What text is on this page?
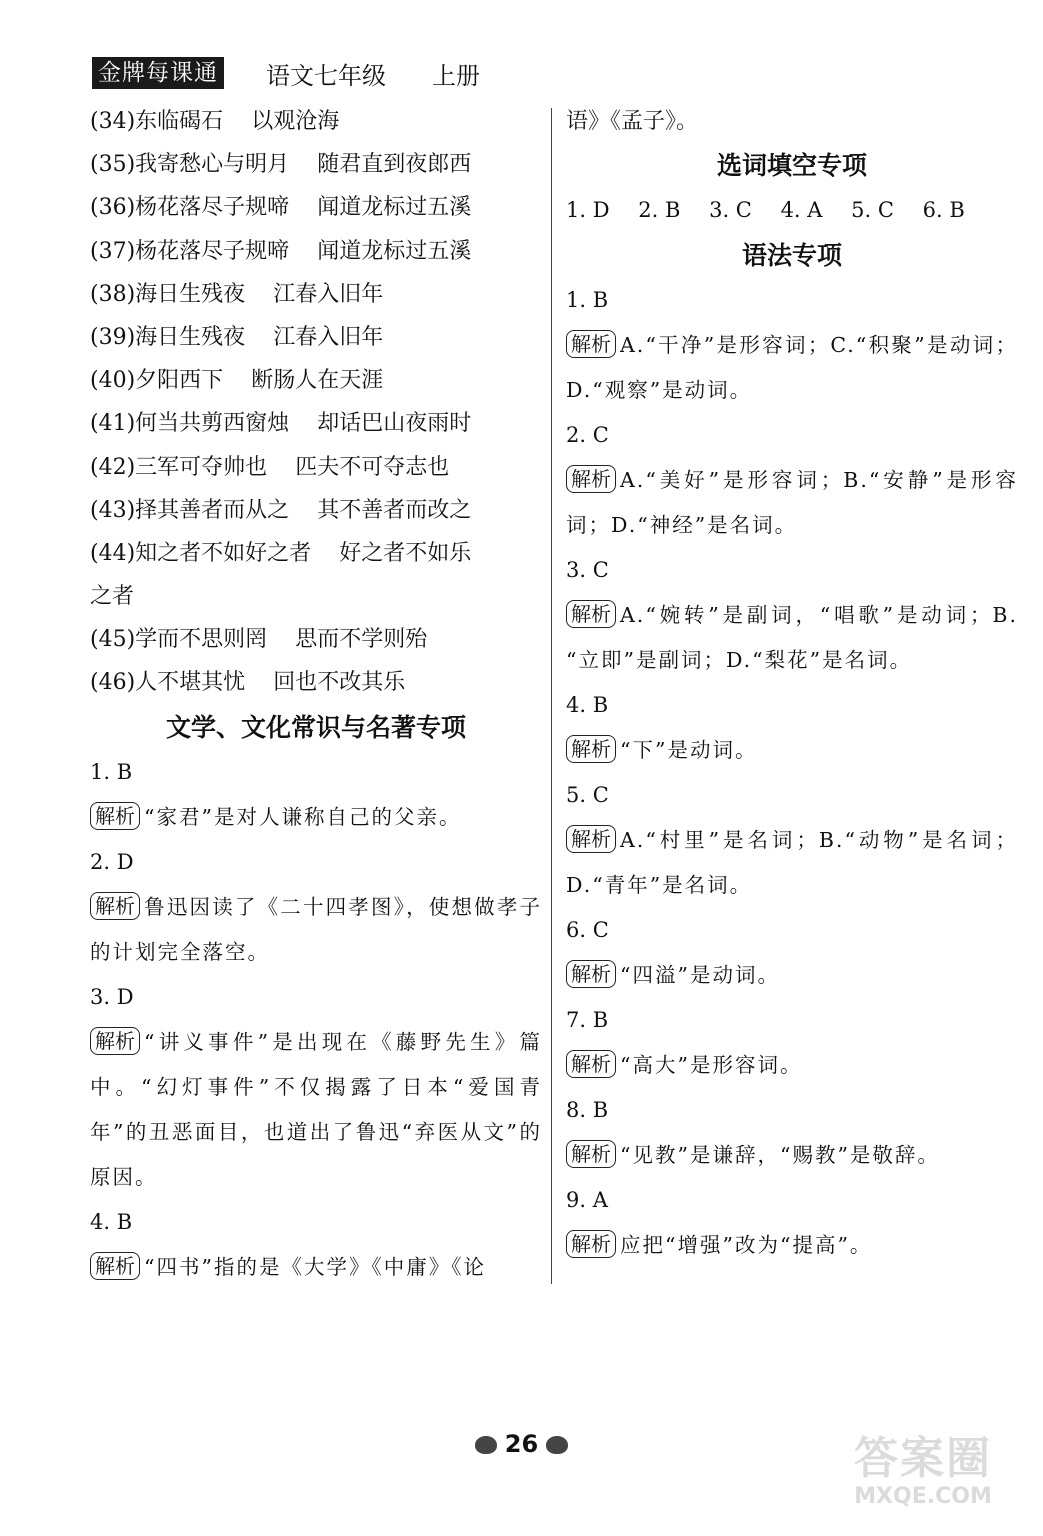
金牌每课通 语文七年级 上册
(34)东临碣石 以观沧海
(35)我寄愁心与明月 随君直到夜郎西
(36)杨花落尽子规啼 闻道龙标过五溪
(37)杨花落尽子规啼 闻道龙标过五溪
(38)海日生残夜 江春入旧年
(39)海日生残夜 江春入旧年
(40)夕阳西下 断肠人在天涯
(41)何当共剪西窗烛 却话巴山夜雨时
(42)三军可夺帅也 匹夫不可夺志也
(43)择其善者而从之 其不善者而改之
(44)知之者不如好之者 好之者不如乐
之者
(45)学而不思则罔 思而不学则殆
(46)人不堪其忧 回也不改其乐
文学、文化常识与名著专项
1. B
解析 “家君”是对人谦称自己的父亲。
2. D
解析 鲁迅因读了《二十四孝图》，使想做孝子的计划完全落空。
3. D
解析 “讲义事件”是出现在《藤野先生》篇中。“幻灯事件”不仅揭露了日本“爱国青年”的丑恶面目，也道出了鲁迅“弃医从文”的原因。
4. B
解析 “四书”指的是《大学》《中庸》《论
语》《孟子》。
选词填空专项
1. D 2. B 3. C 4. A 5. C 6. B
语法专项
1. B
解析 A.“干净”是形容词；C.“积聚”是动词；D.“观察”是动词。
2. C
解析 A.“美好”是形容词；B.“安静”是形容词；D.“神经”是名词。
3. C
解析 A.“婉转”是副词，“唱歌”是动词；B. “立即”是副词；D.“梨花”是名词。
4. B
解析 “下”是动词。
5. C
解析 A.“村里”是名词；B.“动物”是名词；D.“青年”是名词。
6. C
解析 “四溢”是动词。
7. B
解析 “高大”是形容词。
8. B
解析 “见教”是谦辞，“赐教”是敬辞。
9. A
解析 应把“增强”改为“提高”。
26	答案圈
MXQE.COM
